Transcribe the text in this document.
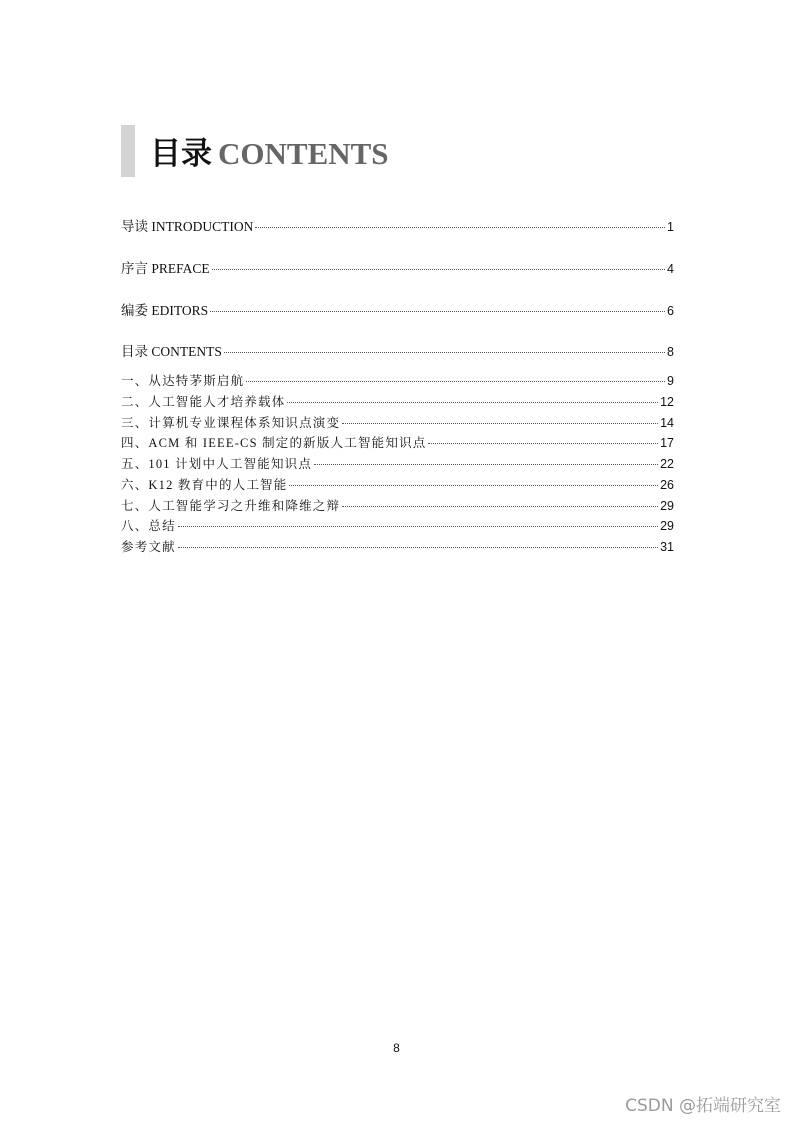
目录 CONTENTS
导读 INTRODUCTION	1
序言 PREFACE	4
编委 EDITORS	6
目录 CONTENTS	8
一、从达特茅斯启航	9
二、人工智能人才培养载体	12
三、计算机专业课程体系知识点演变	14
四、ACM 和 IEEE-CS 制定的新版人工智能知识点	17
五、101 计划中人工智能知识点	22
六、K12 教育中的人工智能	26
七、人工智能学习之升维和降维之辩	29
八、总结	29
参考文献	31
8
CSDN @拓端研究室
